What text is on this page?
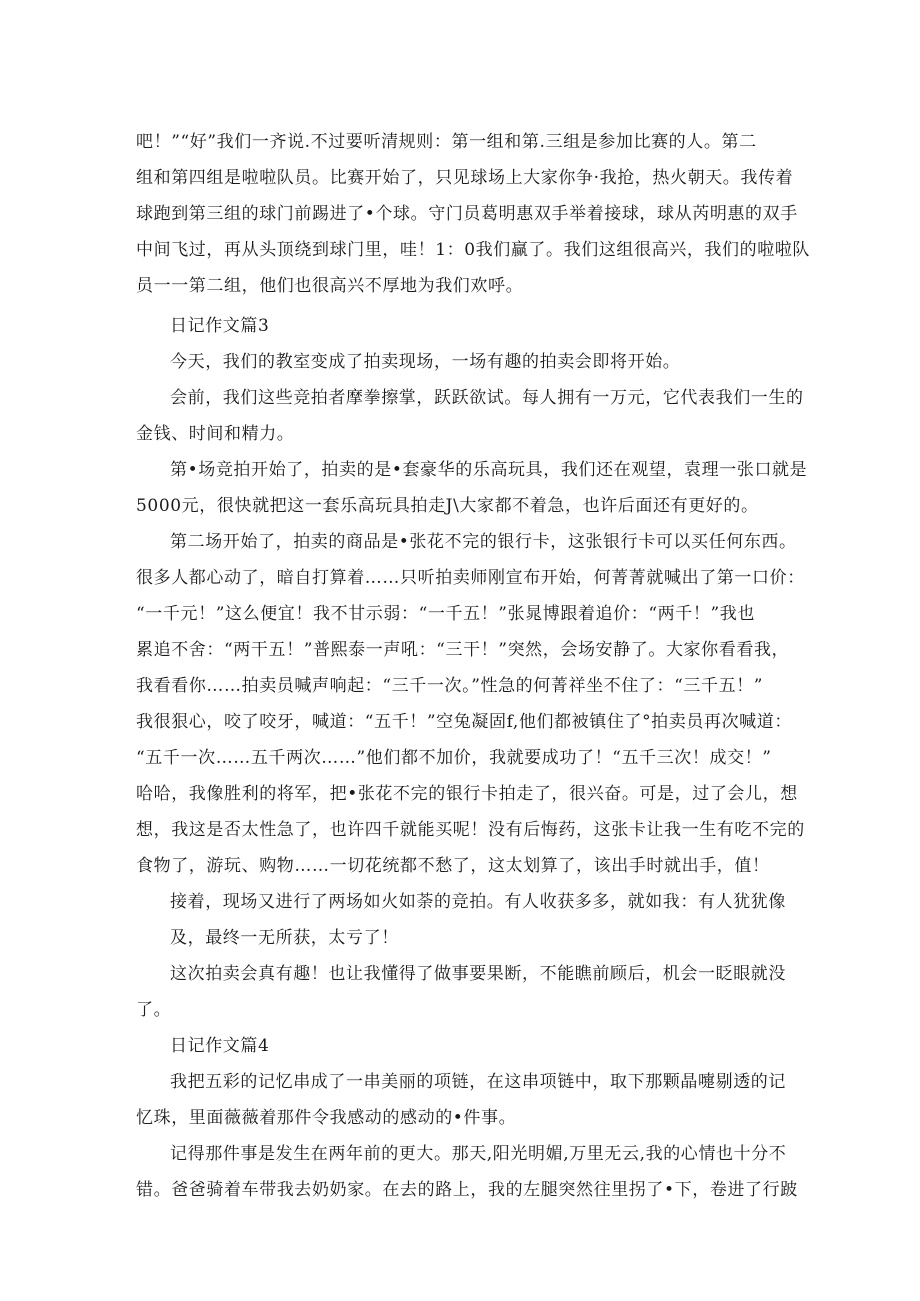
吧！”“好”我们一齐说.不过要听清规则：第一组和第.三组是参加比赛的人。第二
组和第四组是啦啦队员。比赛开始了，只见球场上大家你争·我抢，热火朝天。我传着
球跑到第三组的球门前踢进了•个球。守门员葛明惠双手举着接球，球从芮明惠的双手
中间飞过，再从头顶绕到球门里，哇！1：0我们赢了。我们这组很高兴，我们的啦啦队
员一一第二组，他们也很高兴不厚地为我们欢呼。
日记作文篇3
今天，我们的教室变成了拍卖现场，一场有趣的拍卖会即将开始。
会前，我们这些竞拍者摩拳擦掌，跃跃欲试。每人拥有一万元，它代表我们一生的
金钱、时间和精力。
第•场竞拍开始了，拍卖的是•套豪华的乐高玩具，我们还在观望，袁理一张口就是
5000元，很快就把这一套乐高玩具拍走J\大家都不着急，也许后面还有更好的。
第二场开始了，拍卖的商品是•张花不完的银行卡，这张银行卡可以买任何东西。
很多人都心动了，暗自打算着……只听拍卖师刚宣布开始，何菁菁就喊出了第一口价：
“一千元！”这么便宜！我不甘示弱：“一千五！”张晁博跟着追价：“两千！”我也
累追不舍：“两干五！”普熙泰一声吼：“三干！”突然，会场安静了。大家你看看我，
我看看你……拍卖员喊声响起：“三千一次。”性急的何菁祥坐不住了：“三千五！”
我很狠心，咬了咬牙，喊道：“五千！”空兔凝固f,他们都被镇住了°拍卖员再次喊道：
“五千一次……五千两次……”他们都不加价，我就要成功了！“五千三次！成交！”
哈哈，我像胜利的将军，把•张花不完的银行卡拍走了，很兴奋。可是，过了会儿，想
想，我这是否太性急了，也许四千就能买呢！没有后悔药，这张卡让我一生有吃不完的
食物了，游玩、购物……一切花统都不愁了，这太划算了，该出手时就出手，值！
接着，现场又进行了两场如火如荼的竞拍。有人收获多多，就如我：有人犹犹像
及，最终一无所获，太亏了！
这次拍卖会真有趣！也让我懂得了做事要果断，不能瞧前顾后，机会一眨眼就没
了。
日记作文篇4
我把五彩的记忆串成了一串美丽的项链，在这串项链中，取下那颗晶嚏剔透的记
忆珠，里面薇薇着那件令我感动的感动的•件事。
记得那件事是发生在两年前的更大。那天,阳光明媚,万里无云,我的心情也十分不
错。爸爸骑着车带我去奶奶家。在去的路上，我的左腿突然往里拐了•下，卷进了行跛
